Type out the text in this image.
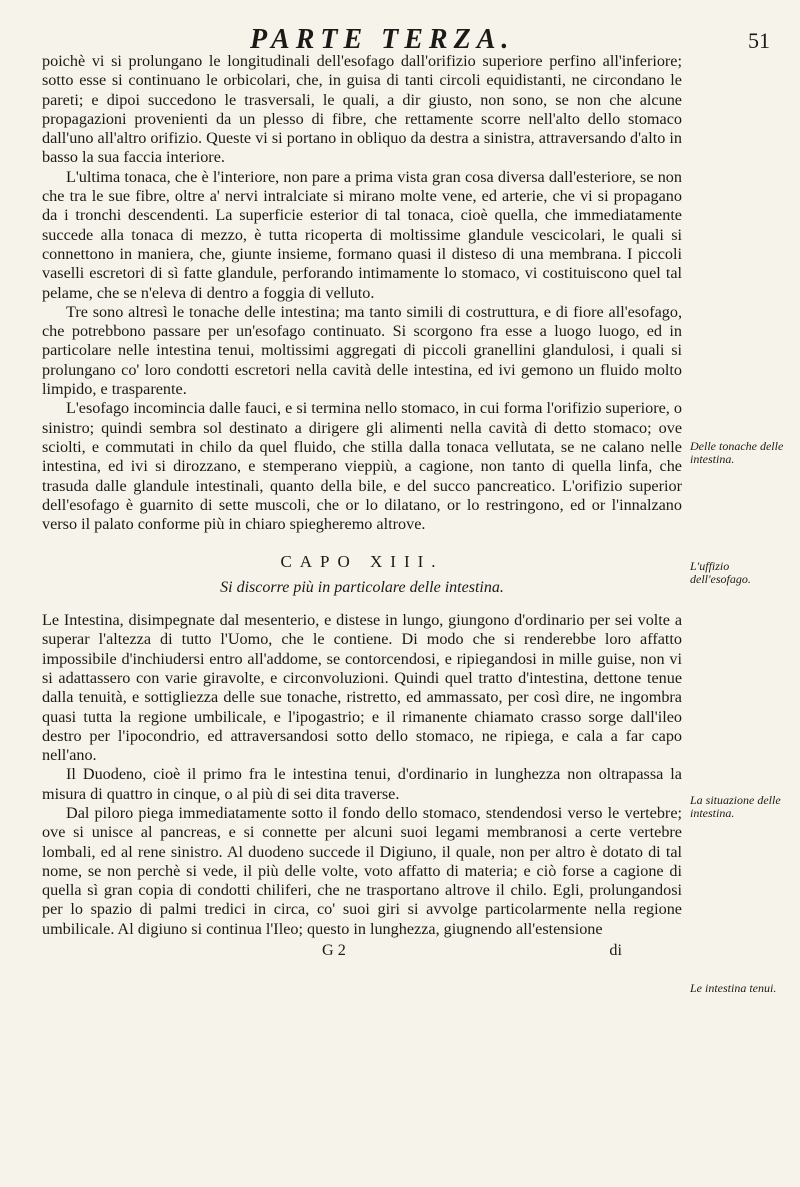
PARTE TERZA.	51

poichè vi si prolungano le longitudinali dell'esofago dall'orifizio superiore perfino all'inferiore; sotto esse si continuano le orbicolari, che, in guisa di tanti circoli equidistanti, ne circondano le pareti; e dipoi succedono le trasversali, le quali, a dir giusto, non sono, se non che alcune propagazioni provenienti da un plesso di fibre, che rettamente scorre nell'alto dello stomaco dall'uno all'altro orifizio. Queste vi si portano in obliquo da destra a sinistra, attraversando d'alto in basso la sua faccia interiore.

L'ultima tonaca, che è l'interiore, non pare a prima vista gran cosa diversa dall'esteriore, se non che tra le sue fibre, oltre a' nervi intralciate si mirano molte vene, ed arterie, che vi si propagano da i tronchi descendenti. La superficie esterior di tal tonaca, cioè quella, che immediatamente succede alla tonaca di mezzo, è tutta ricoperta di moltissime glandule vescicolari, le quali si connettono in maniera, che, giunte insieme, formano quasi il disteso di una membrana. I piccoli vaselli escretori di sì fatte glandule, perforando intimamente lo stomaco, vi costituiscono quel tal pelame, che se n'eleva di dentro a foggia di velluto.

Tre sono altresì le tonache delle intestina; ma tanto simili di costruttura, e di fiore all'esofago, che potrebbono passare per un'esofago continuato. Si scorgono fra esse a luogo luogo, ed in particolare nelle intestina tenui, moltissimi aggregati di piccoli granellini glandulosi, i quali si prolungano co' loro condotti escretori nella cavità delle intestina, ed ivi gemono un fluido molto limpido, e trasparente.

L'esofago incomincia dalle fauci, e si termina nello stomaco, in cui forma l'orifizio superiore, o sinistro; quindi sembra sol destinato a dirigere gli alimenti nella cavità di detto stomaco; ove sciolti, e commutati in chilo da quel fluido, che stilla dalla tonaca vellutata, se ne calano nelle intestina, ed ivi si dirozzano, e stemperano vieppiù, a cagione, non tanto di quella linfa, che trasuda dalle glandule intestinali, quanto della bile, e del succo pancreatico. L'orifizio superior dell'esofago è guarnito di sette muscoli, che or lo dilatano, or lo restringono, ed or l'innalzano verso il palato conforme più in chiaro spiegheremo altrove.

CAPO XIII.
Si discorre più in particolare delle intestina.

Le Intestina, disimpegnate dal mesenterio, e distese in lungo, giungono d'ordinario per sei volte a superar l'altezza di tutto l'Uomo, che le contiene. Di modo che si renderebbe loro affatto impossibile d'inchiudersi entro all'addome, se contorcendosi, e ripiegandosi in mille guise, non vi si adattassero con varie giravolte, e circonvoluzioni. Quindi quel tratto d'intestina, dettone tenue dalla tenuità, e sottigliezza delle sue tonache, ristretto, ed ammassato, per così dire, ne ingombra quasi tutta la regione umbilicale, e l'ipogastrio; e il rimanente chiamato crasso sorge dall'ileo destro per l'ipocondrio, ed attraversandosi sotto dello stomaco, ne ripiega, e cala a far capo nell'ano.

Il Duodeno, cioè il primo fra le intestina tenui, d'ordinario in lunghezza non oltrapassa la misura di quattro in cinque, o al più di sei dita traverse.

Dal piloro piega immediatamente sotto il fondo dello stomaco, stendendosi verso le vertebre; ove si unisce al pancreas, e si connette per alcuni suoi legami membranosi a certe vertebre lombali, ed al rene sinistro. Al duodeno succede il Digiuno, il quale, non per altro è dotato di tal nome, se non perchè si vede, il più delle volte, voto affatto di materia; e ciò forse a cagione di quella sì gran copia di condotti chiliferi, che ne trasportano altrove il chilo. Egli, prolungandosi per lo spazio di palmi tredici in circa, co' suoi giri si avvolge particolarmente nella regione umbilicale. Al digiuno si continua l'Ileo; questo in lunghezza, giugnendo all'estensione

G 2	di
Delle tonache delle intestina.
L'uffizio dell'esofago.
La situazione delle intestina.
Le intestina tenui.
